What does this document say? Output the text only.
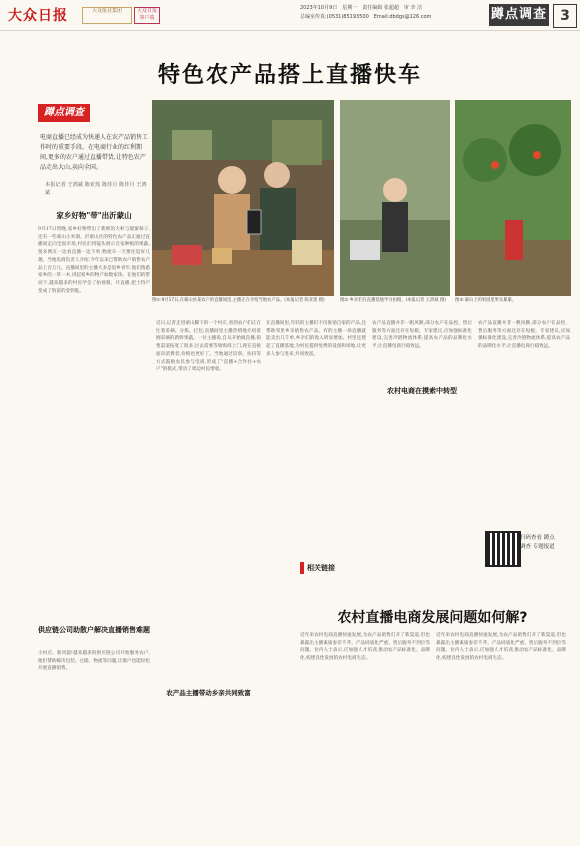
大众日报	大众报业集团	大众日报客户端
2023年10月9日　星期一　责任编辑 张超超　审 李 洁
总编室传真:(0531)85193500　Email:dbdgs@126.com	蹲点调查 3
特色农产品搭上直播快车
蹲点调查
电商直播已经成为快递人在农产品销售工作时的重要手段。在电商行业的红利期间,更多的农户通过直播带货,让特色农产品走出大山,卖向全国。
本报记者 王鸿斌 陈亚莲 陈佳月 陈佳月 王鸿斌
图①:9月17日,在蒙山县某农户的直播间里,主播正在介绍当地农产品。(本报记者 陈亚莲 摄)	图②:乡亲们在直播基地学习拍摄。(本报记者 王鸿斌 摄)	图③:蒙山上的果园里果实累累。
家乡好物"带"出沂蒙山
9月17日傍晚,家乡好物带出了新鲜的大虾与甜蜜柿子,还有一些蒙山小米酒。沂蒙山区的特色农产品正通过直播间走向全国市场,村民们用镜头展示自家种植的果蔬,很多网友一边看直播一边下单,物流车一天要往返好几趟。当地电商负责人介绍,今年以来已帮助农户销售农产品上百万元。直播间里的主播大多是返乡青年,他们熟悉家乡的一草一木,讲起家乡的物产如数家珍。在他们的带动下,越来越多的村民学会了拍视频、开直播,把土特产变成了致富的金钥匙。
供应链公司助散户解决直播销售难题
小村庄、新风貌!越来越多的供应链公司开始服务农户,他们帮助解决包装、仓储、物流等问题,让散户也能轻松开展直播销售。
近日,记者走进蒙山脚下的一个村庄,看到农户们正在忙着采摘、分拣、打包,直播间里主播热情地介绍着刚采摘的新鲜果蔬。一位主播说,自从开始做直播,销售渠道拓宽了很多,过去需要等收购商上门,现在直接面向消费者,价格也更好了。当地通过培训、扶持等方式鼓励农民参与电商,形成了"直播+合作社+农户"的模式,带动了周边村民增收。
农产品主播带动乡亲共同致富
在直播间里,年轻的主播们不仅推销自家的产品,还帮助邻里乡亲销售农产品。有的主播一场直播就能卖出几千单,乡亲们的收入明显增加。村里还建起了直播基地,为村民提供免费的设备和场地,让更多人参与进来,共同致富。
农产品直播并非一帆风顺,部分农户在品控、售后服务等方面还存在短板。专家建议,应加强标准化建设,完善冷链物流体系,提高农产品的品牌化水平,让直播电商行稳致远。
农村电商在摸索中转型
农产品直播并非一帆风顺,部分农户在品控、售后服务等方面还存在短板。专家建议,应加强标准化建设,完善冷链物流体系,提高农产品的品牌化水平,让直播电商行稳致远。
扫码查看 蹲点调查 专题报道
相关链接
农村直播电商发展问题如何解?
近年来农村电商直播快速发展,为农产品销售打开了新渠道,但也暴露出主播素质参差不齐、产品同质化严重、售后服务不到位等问题。业内人士表示,应加强人才培训,推动农产品标准化、品牌化,构建良性发展的农村电商生态。
近年来农村电商直播快速发展,为农产品销售打开了新渠道,但也暴露出主播素质参差不齐、产品同质化严重、售后服务不到位等问题。业内人士表示,应加强人才培训,推动农产品标准化、品牌化,构建良性发展的农村电商生态。
